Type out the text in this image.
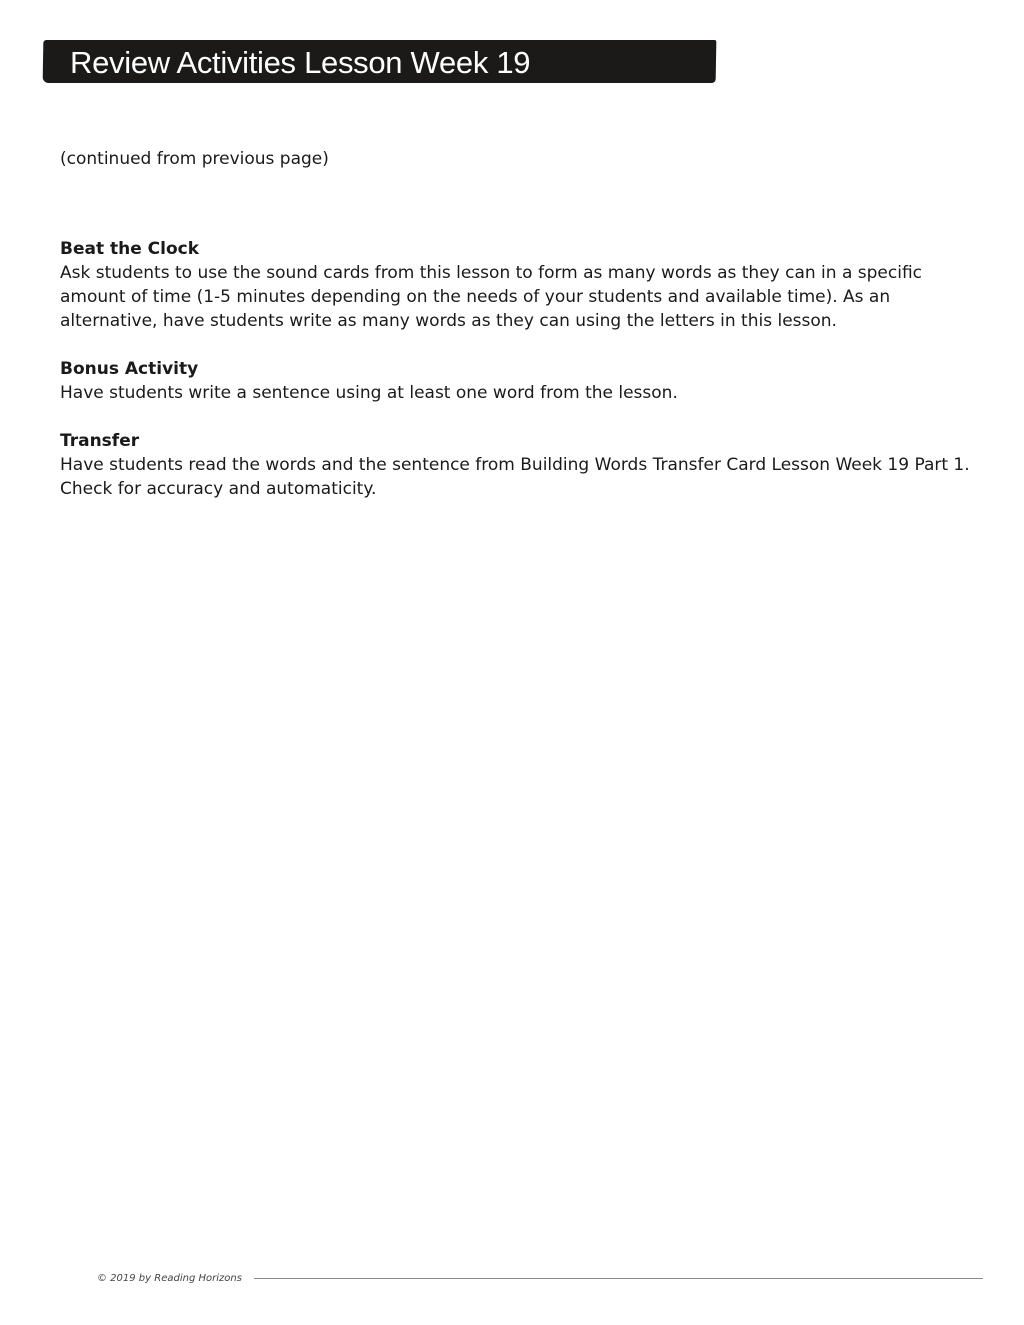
Review Activities Lesson Week 19

(continued from previous page)

Beat the Clock
Ask students to use the sound cards from this lesson to form as many words as they can in a specific amount of time (1-5 minutes depending on the needs of your students and available time). As an alternative, have students write as many words as they can using the letters in this lesson.
Bonus Activity
Have students write a sentence using at least one word from the lesson.
Transfer
Have students read the words and the sentence from Building Words Transfer Card Lesson Week 19 Part 1. Check for accuracy and automaticity.
© 2019 by Reading Horizons
